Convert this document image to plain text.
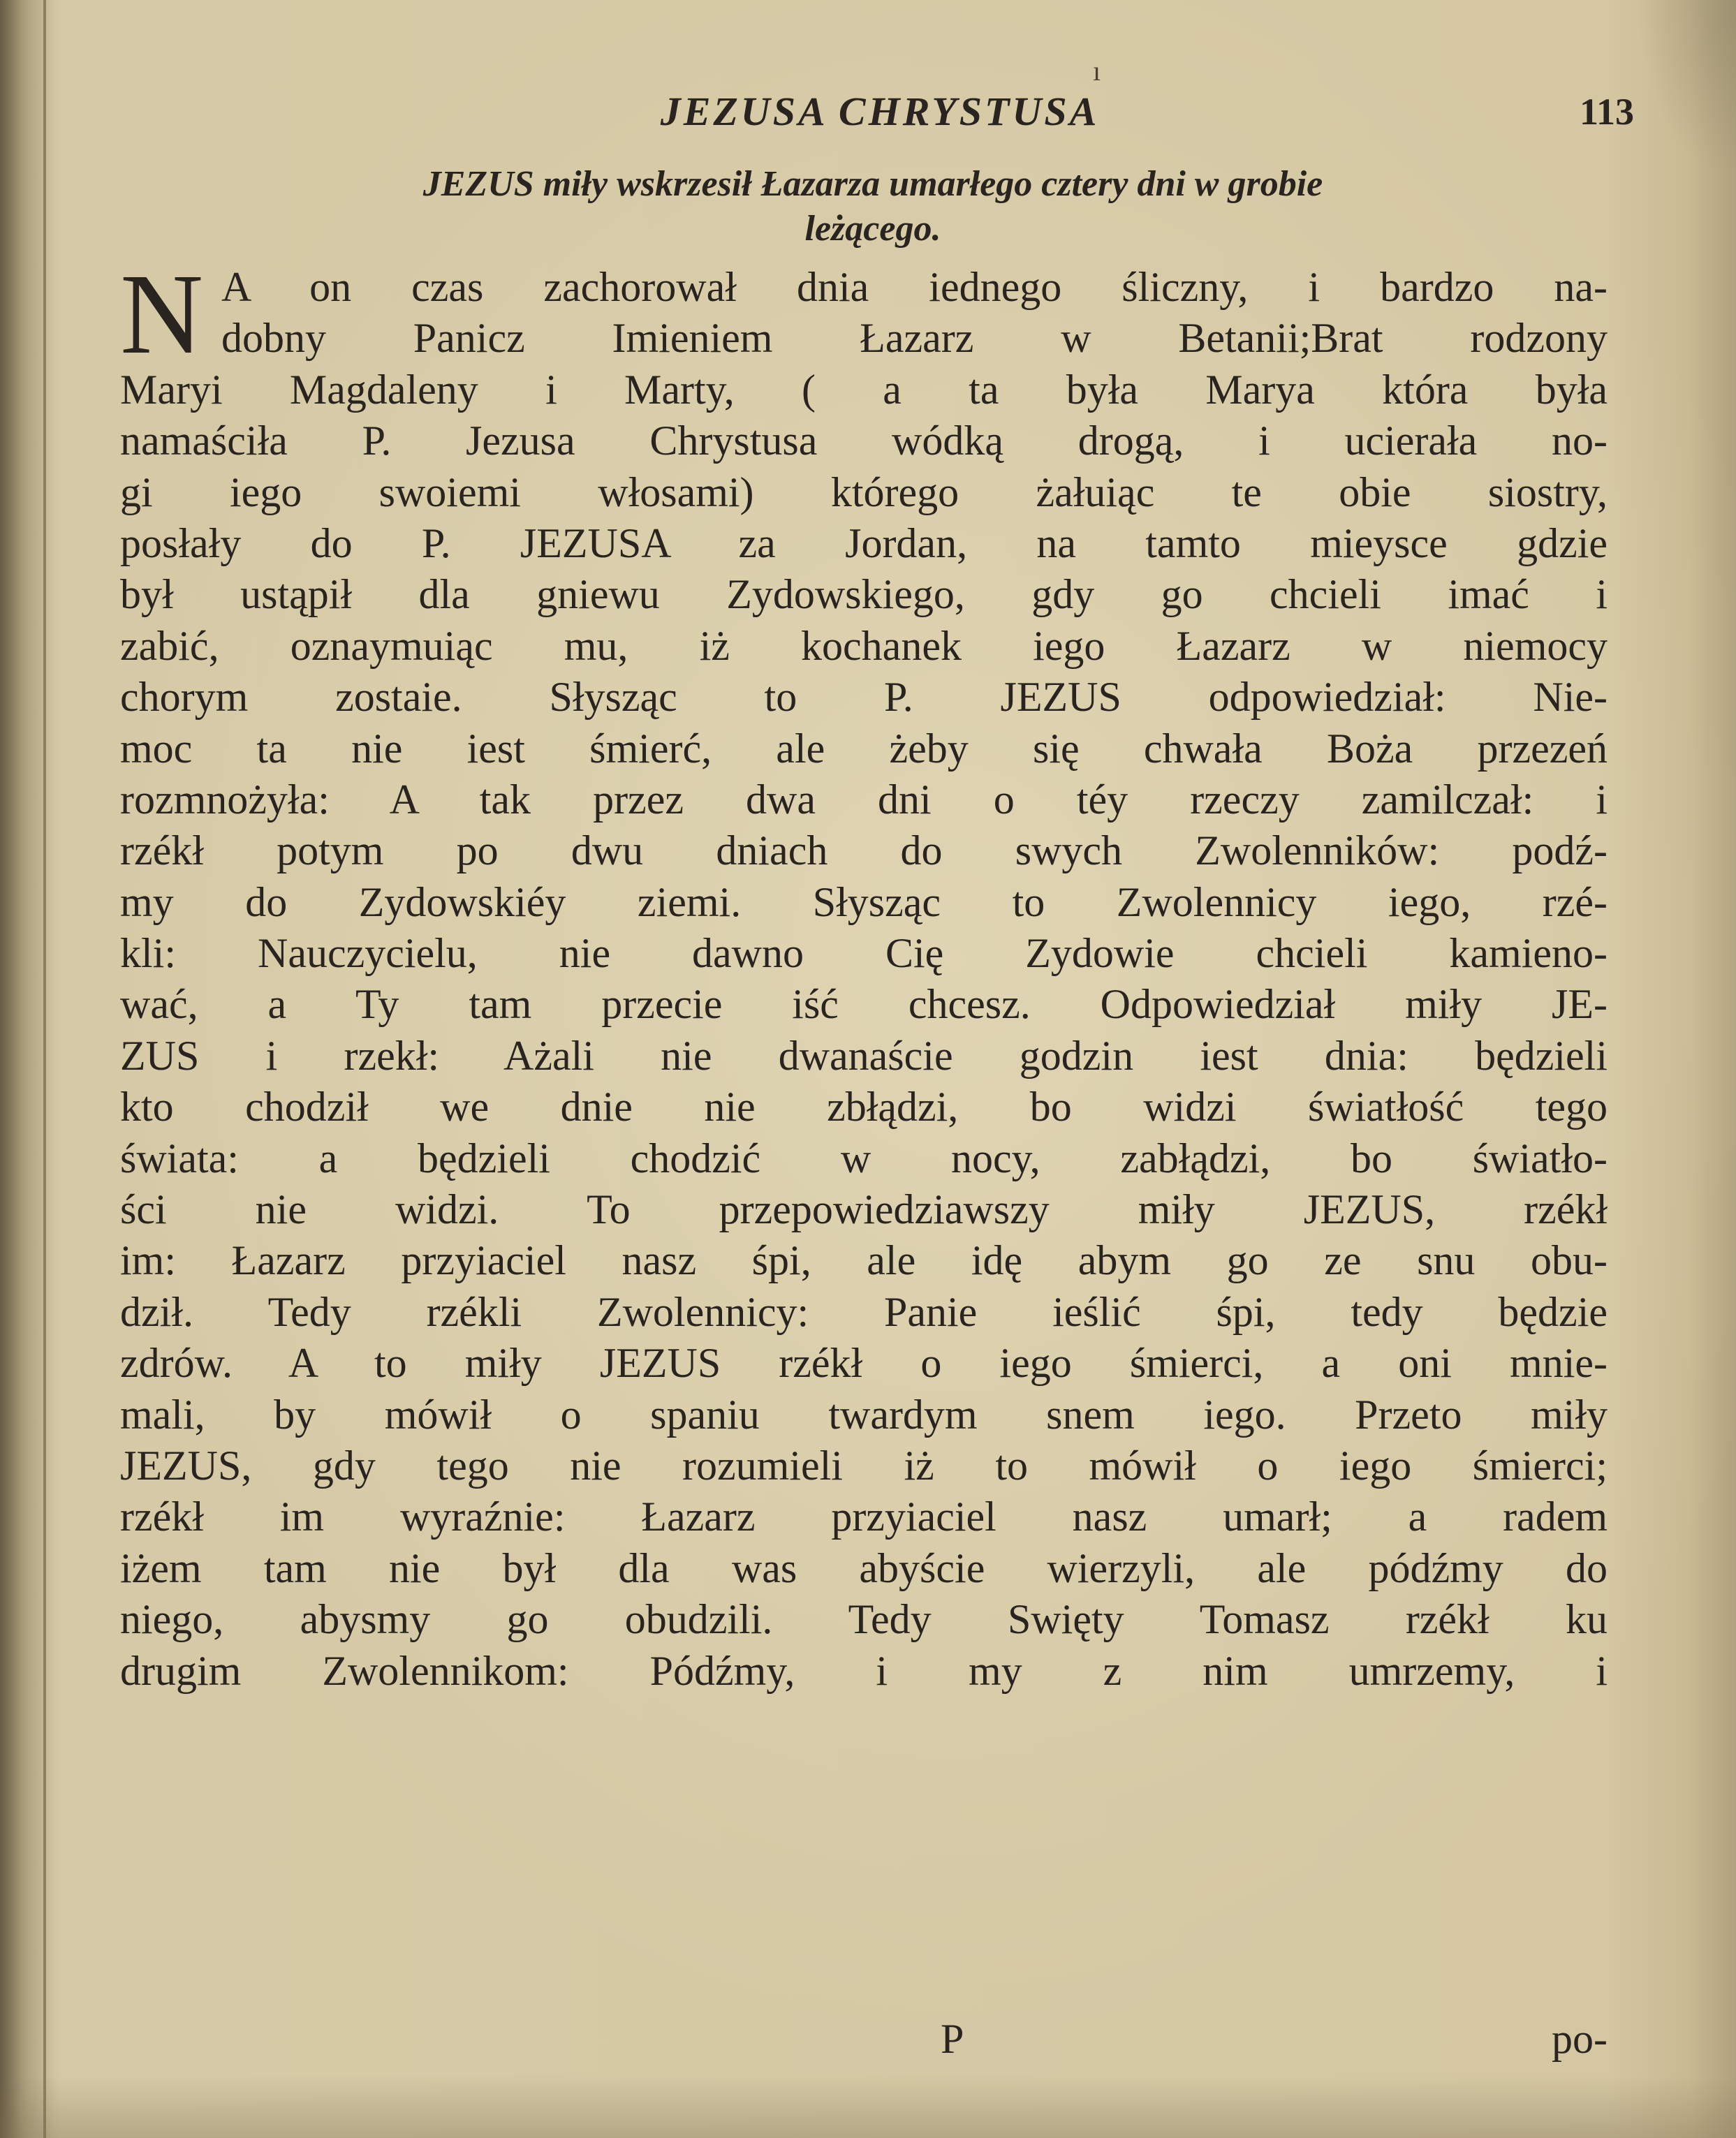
ı
JEZUSA CHRYSTUSA	113
JEZUS miły wskrzesił Łazarza umarłego cztery dni w grobie
leżącego.
N A on czas zachorował dnia iednego śliczny, i bardzo na-
dobny Panicz Imieniem Łazarz w Betanii;Brat rodzony
Maryi Magdaleny i Marty, ( a ta była Marya która była
namaściła P. Jezusa Chrystusa wódką drogą, i ucierała no-
gi iego swoiemi włosami) którego żałuiąc te obie siostry,
posłały do P. JEZUSA za Jordan, na tamto mieysce gdzie
był ustąpił dla gniewu Zydowskiego, gdy go chcieli imać i
zabić, oznaymuiąc mu, iż kochanek iego Łazarz w niemocy
chorym zostaie. Słysząc to P. JEZUS odpowiedział: Nie-
moc ta nie iest śmierć, ale żeby się chwała Boża przezeń
rozmnożyła: A tak przez dwa dni o téy rzeczy zamilczał: i
rzékł potym po dwu dniach do swych Zwolenników: podź-
my do Zydowskiéy ziemi. Słysząc to Zwolennicy iego, rzé-
kli: Nauczycielu, nie dawno Cię Zydowie chcieli kamieno-
wać, a Ty tam przecie iść chcesz. Odpowiedział miły JE-
ZUS i rzekł: Ażali nie dwanaście godzin iest dnia: będzieli
kto chodził we dnie nie zbłądzi, bo widzi światłość tego
świata: a będzieli chodzić w nocy, zabłądzi, bo światło-
ści nie widzi. To przepowiedziawszy miły JEZUS, rzékł
im: Łazarz przyiaciel nasz śpi, ale idę abym go ze snu obu-
dził. Tedy rzékli Zwolennicy: Panie ieślić śpi, tedy będzie
zdrów. A to miły JEZUS rzékł o iego śmierci, a oni mnie-
mali, by mówił o spaniu twardym snem iego. Przeto miły
JEZUS, gdy tego nie rozumieli iż to mówił o iego śmierci;
rzékł im wyraźnie: Łazarz przyiaciel nasz umarł; a radem
iżem tam nie był dla was abyście wierzyli, ale pódźmy do
niego, abysmy go obudzili. Tedy Swięty Tomasz rzékł ku
drugim Zwolennikom: Pódźmy, i my z nim umrzemy, i
P	po-
